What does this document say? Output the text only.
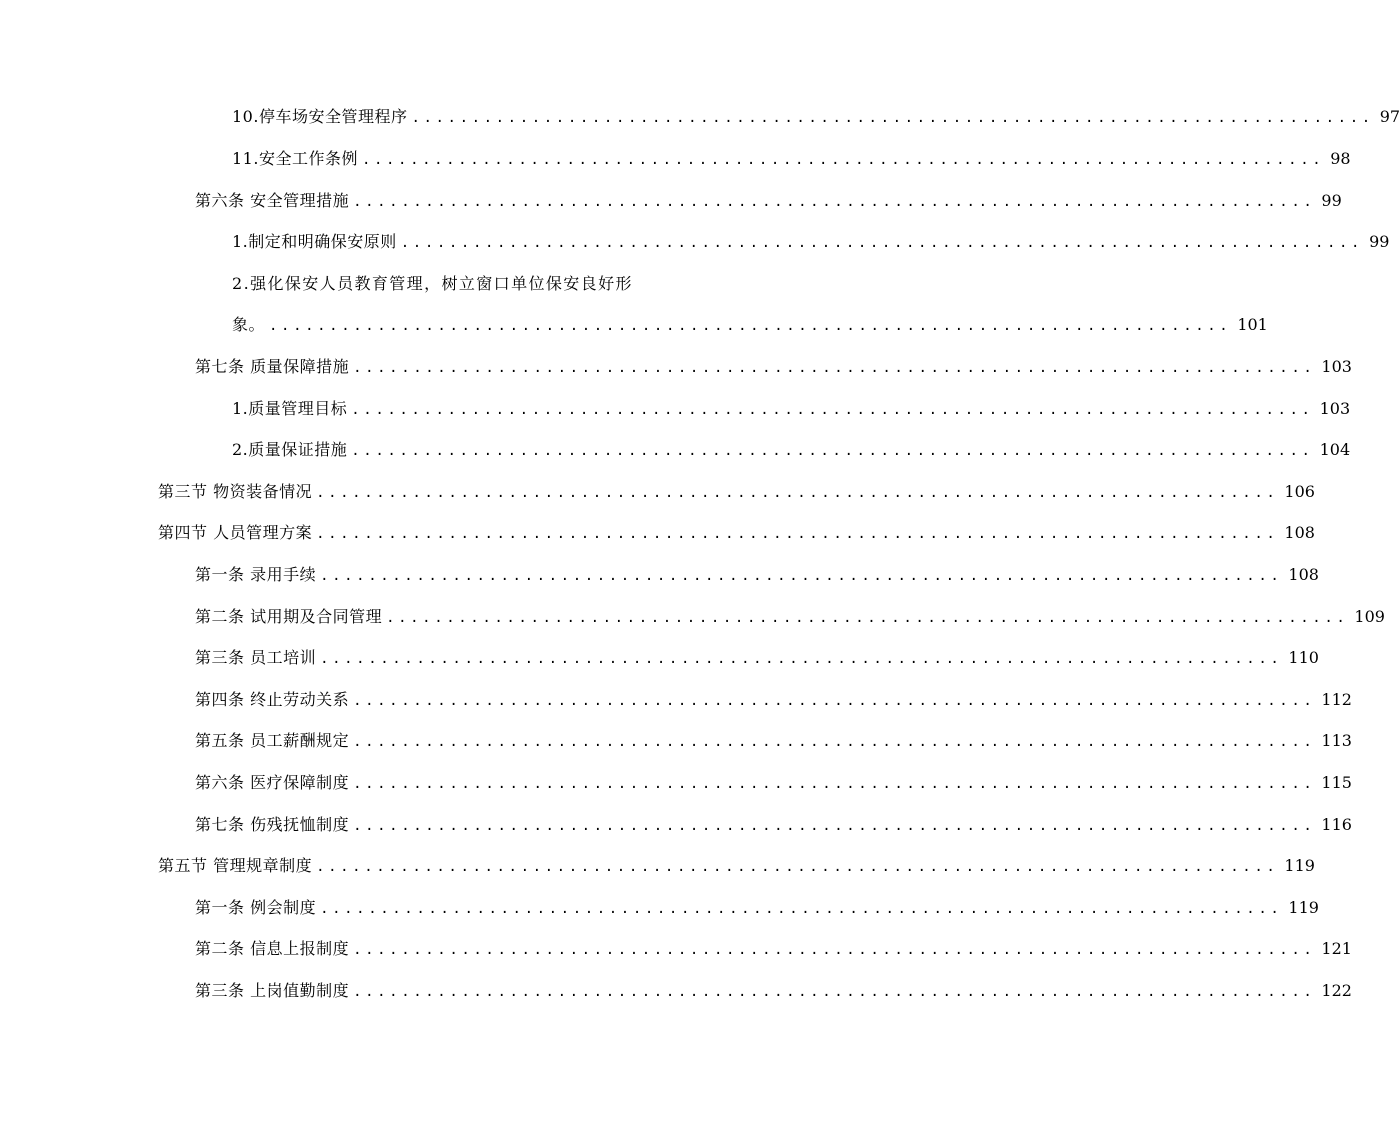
10.停车场安全管理程序 ................................................................................ 97
11.安全工作条例 ................................................................................ 98
第六条 安全管理措施 ................................................................................ 99
1.制定和明确保安原则 ................................................................................ 99
2.强化保安人员教育管理，树立窗口单位保安良好形
象。 ................................................................................ 101
第七条 质量保障措施 ................................................................................ 103
1.质量管理目标 ................................................................................ 103
2.质量保证措施 ................................................................................ 104
第三节 物资装备情况 ................................................................................ 106
第四节 人员管理方案 ................................................................................ 108
第一条 录用手续 ................................................................................ 108
第二条 试用期及合同管理 ................................................................................ 109
第三条 员工培训 ................................................................................ 110
第四条 终止劳动关系 ................................................................................ 112
第五条 员工薪酬规定 ................................................................................ 113
第六条 医疗保障制度 ................................................................................ 115
第七条 伤残抚恤制度 ................................................................................ 116
第五节 管理规章制度 ................................................................................ 119
第一条 例会制度 ................................................................................ 119
第二条 信息上报制度 ................................................................................ 121
第三条 上岗值勤制度 ................................................................................ 122
